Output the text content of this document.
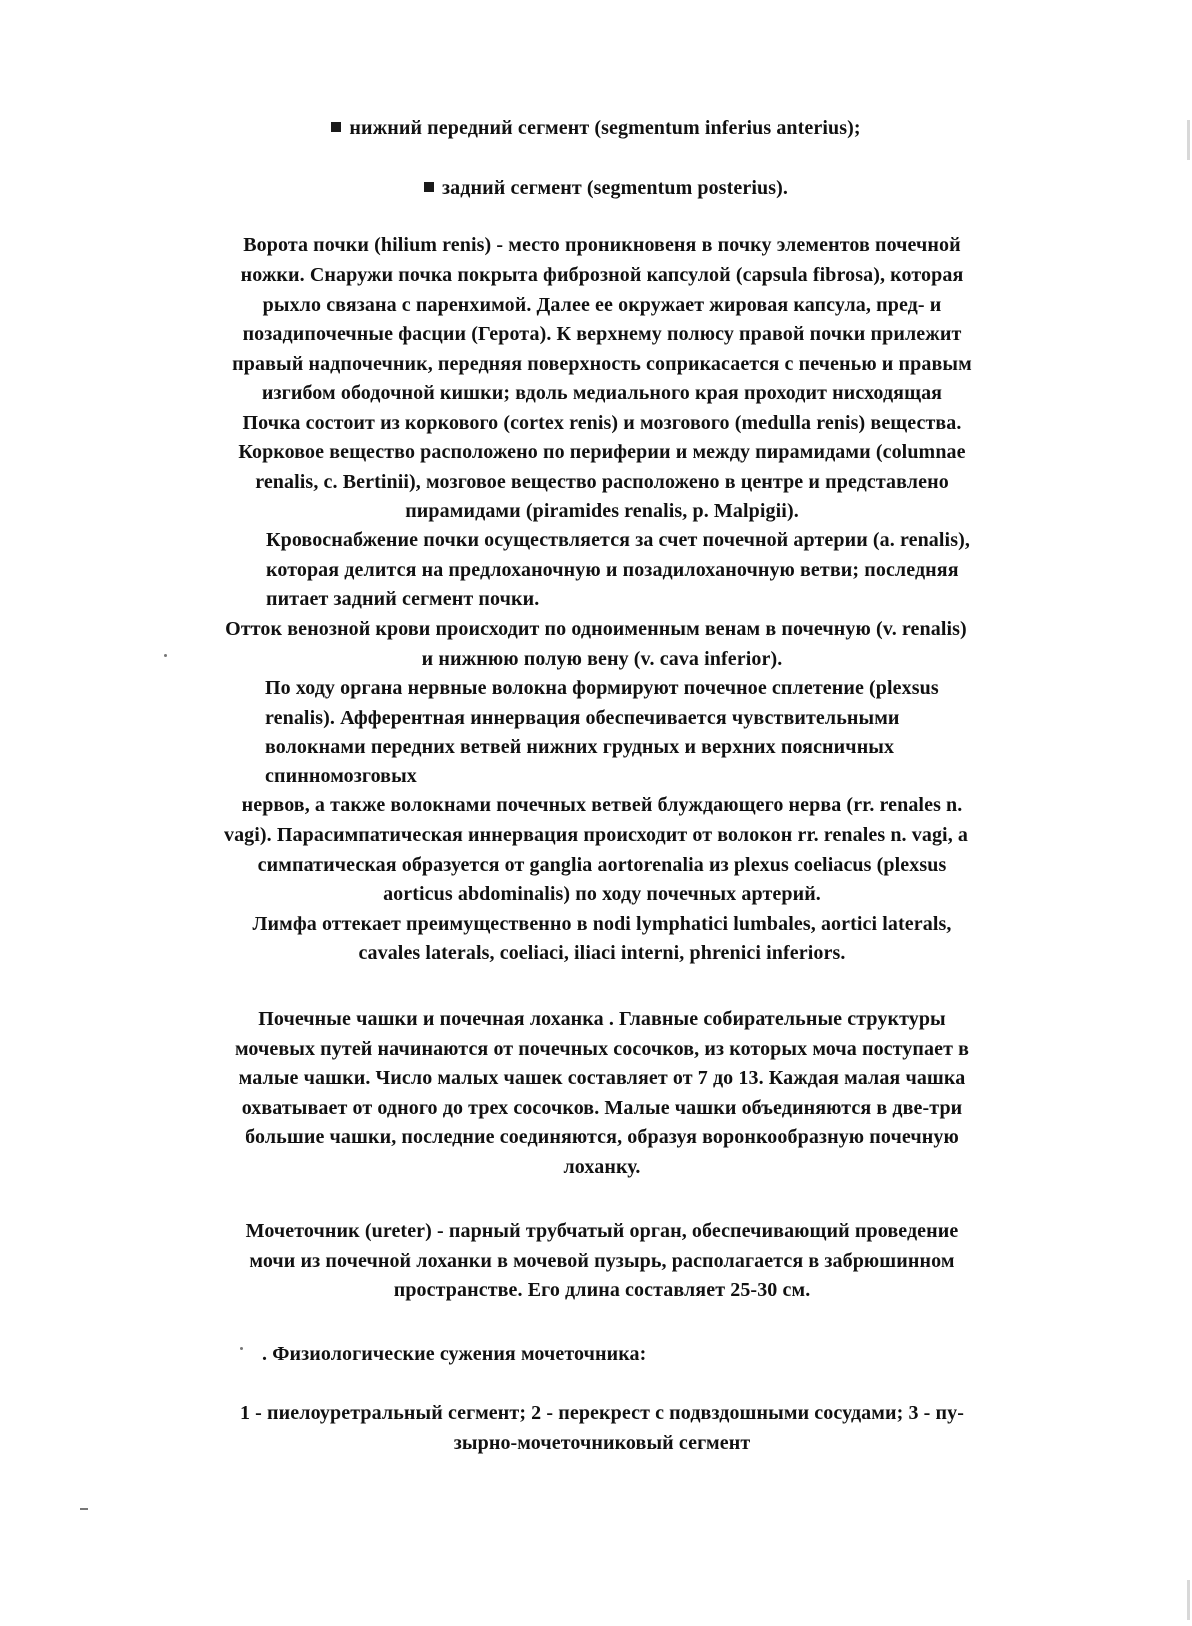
нижний передний сегмент (segmentum inferius anterius);

задний сегмент (segmentum posterius).

Ворота почки (hilium renis) - место проникновеня в почку элементов почечной

ножки. Снаружи почка покрыта фиброзной капсулой (capsula fibrosa), которая

рыхло связана с паренхимой. Далее ее окружает жировая капсула, пред- и

позадипочечные фасции (Герота). К верхнему полюсу правой почки прилежит

правый надпочечник, передняя поверхность соприкасается с печенью и правым

изгибом ободочной кишки; вдоль медиального края проходит нисходящая

Почка состоит из коркового (cortex renis) и мозгового (medulla renis) вещества.

Корковое вещество расположено по периферии и между пирамидами (columnae

renalis, c. Bertinii), мозговое вещество расположено в центре и представлено

пирамидами (piramides renalis, p. Malpigii).

Кровоснабжение почки осуществляется за счет почечной артерии (a. renalis),

которая делится на предлоханочную и позадилоханочную ветви; последняя

питает задний сегмент почки.

Отток венозной крови происходит по одноименным венам в почечную (v. renalis)

и нижнюю полую вену (v. cava inferior).

По ходу органа нервные волокна формируют почечное сплетение (plexsus

renalis). Афферентная иннервация обеспечивается чувствительными

волокнами передних ветвей нижних грудных и верхних поясничных

спинномозговых

нервов, а также волокнами почечных ветвей блуждающего нерва (rr. renales n.

vagi). Парасимпатическая иннервация происходит от волокон rr. renales n. vagi, а

симпатическая образуется от gangliа aortorenalia из plexus coeliacus (plexsus

aorticus abdominalis) по ходу почечных артерий.

Лимфа оттекает преимущественно в nodi lymphatici lumbales, aortici laterals,

cavales laterals, coeliaci, iliaci interni, phrenici inferiors.

Почечные чашки и почечная лоханка . Главные собирательные структуры

мочевых путей начинаются от почечных сосочков, из которых моча поступает в

малые чашки. Число малых чашек составляет от 7 до 13. Каждая малая чашка

охватывает от одного до трех сосочков. Малые чашки объединяются в две-три

большие чашки, последние соединяются, образуя воронкообразную почечную

лоханку.

Мочеточник (ureter) - парный трубчатый орган, обеспечивающий проведение

мочи из почечной лоханки в мочевой пузырь, располагается в забрюшинном

пространстве. Его длина составляет 25-30 см.

. Физиологические сужения мочеточника:

1 - пиелоуретральный сегмент; 2 - перекрест с подвздошными сосудами; 3 - пу-

зырно-мочеточниковый сегмент
